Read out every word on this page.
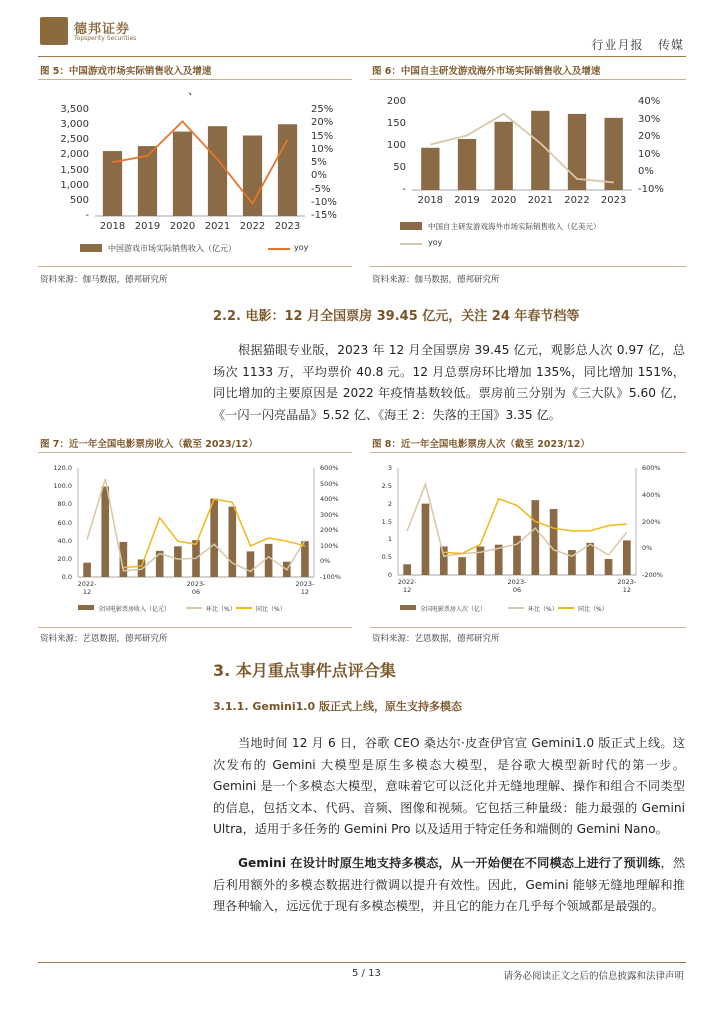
德邦证券
Topsperity Securities	行业月报 传媒
图 5：中国游戏市场实际销售收入及增速
、
3,500
3,000
2,500
2,000
1,500
1,000
500
-
25%
20%
15%
10%
5%
0%
-5%
-10%
-15%
2018 2019 2020 2021 2022 2023
中国游戏市场实际销售收入（亿元）	yoy
资料来源：伽马数据，德邦研究所
图 6：中国自主研发游戏海外市场实际销售收入及增速
200
150
100
50
-
40%
30%
20%
10%
0%
-10%
2018	2019	2020	2021	2022	2023
中国自主研发游戏海外市场实际销售收入（亿美元）
yoy
资料来源：伽马数据，德邦研究所
2.2. 电影：12 月全国票房 39.45 亿元，关注 24 年春节档等
根据猫眼专业版，2023 年 12 月全国票房 39.45 亿元，观影总人次 0.97 亿，总场次 1133 万，平均票价 40.8 元。12 月总票房环比增加 135%，同比增加 151%，同比增加的主要原因是 2022 年疫情基数较低。票房前三分别为《三大队》5.60 亿，《一闪一闪亮晶晶》5.52 亿、《海王 2：失落的王国》3.35 亿。
图 7：近一年全国电影票房收入（截至 2023/12）
120.0
100.0
80.0
60.0
40.0
20.0
0.0
600%
500%
400%
300%
200%
100%
0%
-100%
2022-
12
2023-
06
2023-
12
全国电影票房收入（亿元）	环比（%）	同比（%）
资料来源：艺恩数据，德邦研究所
图 8：近一年全国电影票房人次（截至 2023/12）
3
2.5
2
1.5
1
0.5
0
600%
400%
200%
0%
-200%
2022-
12
2023-
06
2023-
12
全国电影票房人次（亿）	环比（%）	同比（%）
资料来源：艺恩数据，德邦研究所
3. 本月重点事件点评合集
3.1.1. Gemini1.0 版正式上线，原生支持多模态
当地时间 12 月 6 日，谷歌 CEO 桑达尔·皮查伊官宣 Gemini1.0 版正式上线。这次发布的 Gemini 大模型是原生多模态大模型，是谷歌大模型新时代的第一步。Gemini 是一个多模态大模型，意味着它可以泛化并无缝地理解、操作和组合不同类型的信息，包括文本、代码、音频、图像和视频。它包括三种量级：能力最强的 Gemini Ultra，适用于多任务的 Gemini Pro 以及适用于特定任务和端侧的 Gemini Nano。
Gemini 在设计时原生地支持多模态，从一开始便在不同模态上进行了预训练，然后利用额外的多模态数据进行微调以提升有效性。因此，Gemini 能够无缝地理解和推理各种输入，远远优于现有多模态模型，并且它的能力在几乎每个领域都是最强的。
5 / 13	请务必阅读正文之后的信息披露和法律声明
